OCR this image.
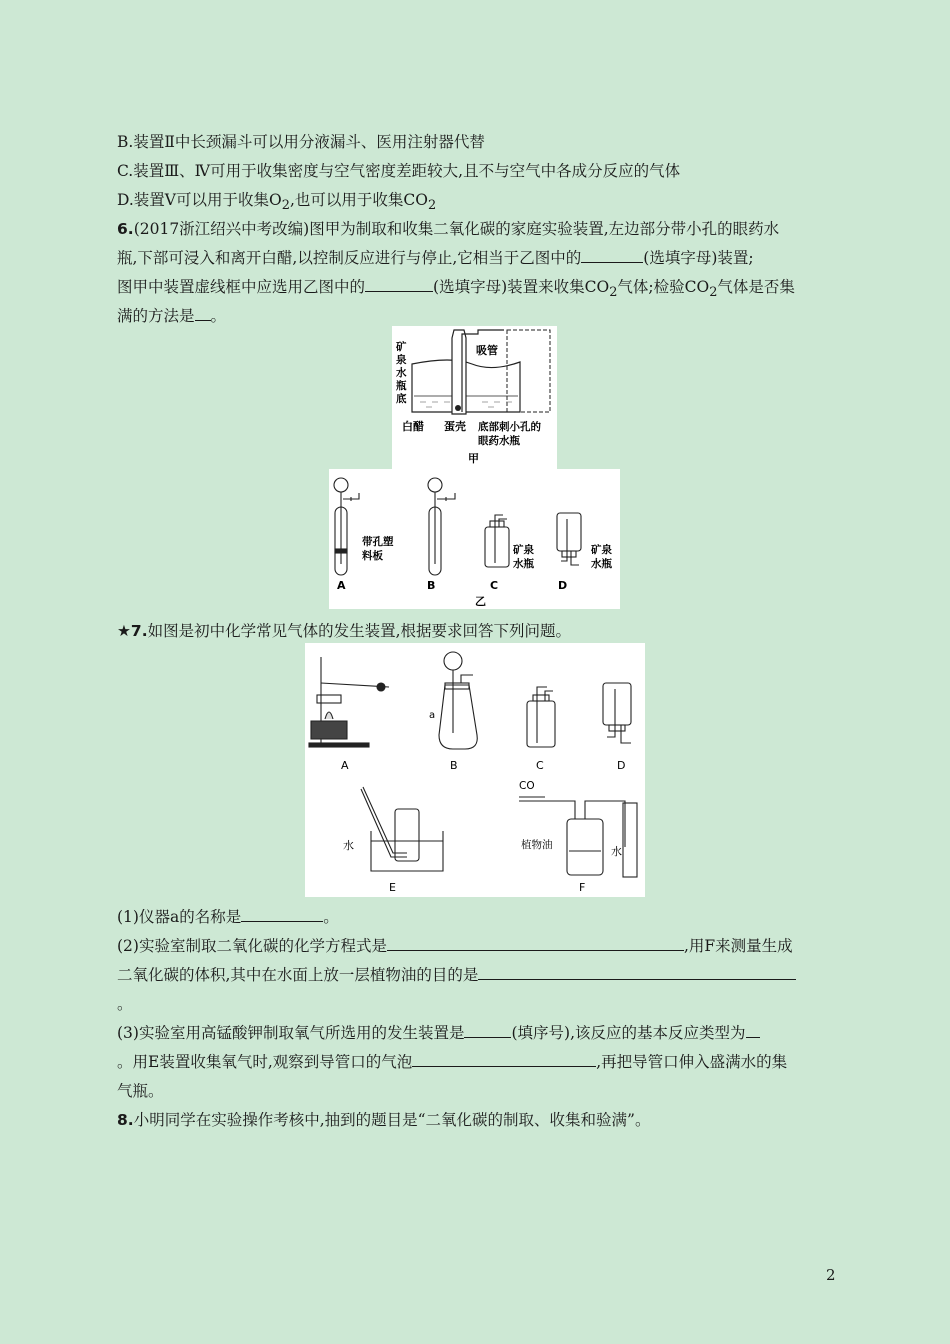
B.装置Ⅱ中长颈漏斗可以用分液漏斗、医用注射器代替
C.装置Ⅲ、Ⅳ可用于收集密度与空气密度差距较大,且不与空气中各成分反应的气体
D.装置Ⅴ可以用于收集$O_2$,也可以用于收集$CO_2$
6.(2017浙江绍兴中考改编)图甲为制取和收集二氧化碳的家庭实验装置,左边部分带小孔的眼药水
瓶,下部可浸入和离开白醋,以控制反应进行与停止,它相当于乙图中的	(选填字母)装置;
图甲中装置虚线框中应选用乙图中的	(选填字母)装置来收集$CO_2$气体;检验$CO_2$气体是否集
满的方法是 。
吸管
矿
泉
水
瓶
底
白醋 蛋壳 底部刺小孔的
眼药水瓶
甲
带孔塑
料板	矿泉
水瓶
矿泉
水瓶
A	B	C	D
乙
★7.如图是初中化学常见气体的发生装置,根据要求回答下列问题。
a
A	B	C	D
水
E
CO
植物油	水
F
(1)仪器a的名称是	。
(2)实验室制取二氧化碳的化学方程式是	,用F来测量生成
二氧化碳的体积,其中在水面上放一层植物油的目的是
。
(3)实验室用高锰酸钾制取氧气所选用的发生装置是	(填序号),该反应的基本反应类型为
。用E装置收集氧气时,观察到导管口的气泡	,再把导管口伸入盛满水的集
气瓶。
8.小明同学在实验操作考核中,抽到的题目是“二氧化碳的制取、收集和验满”。
2
